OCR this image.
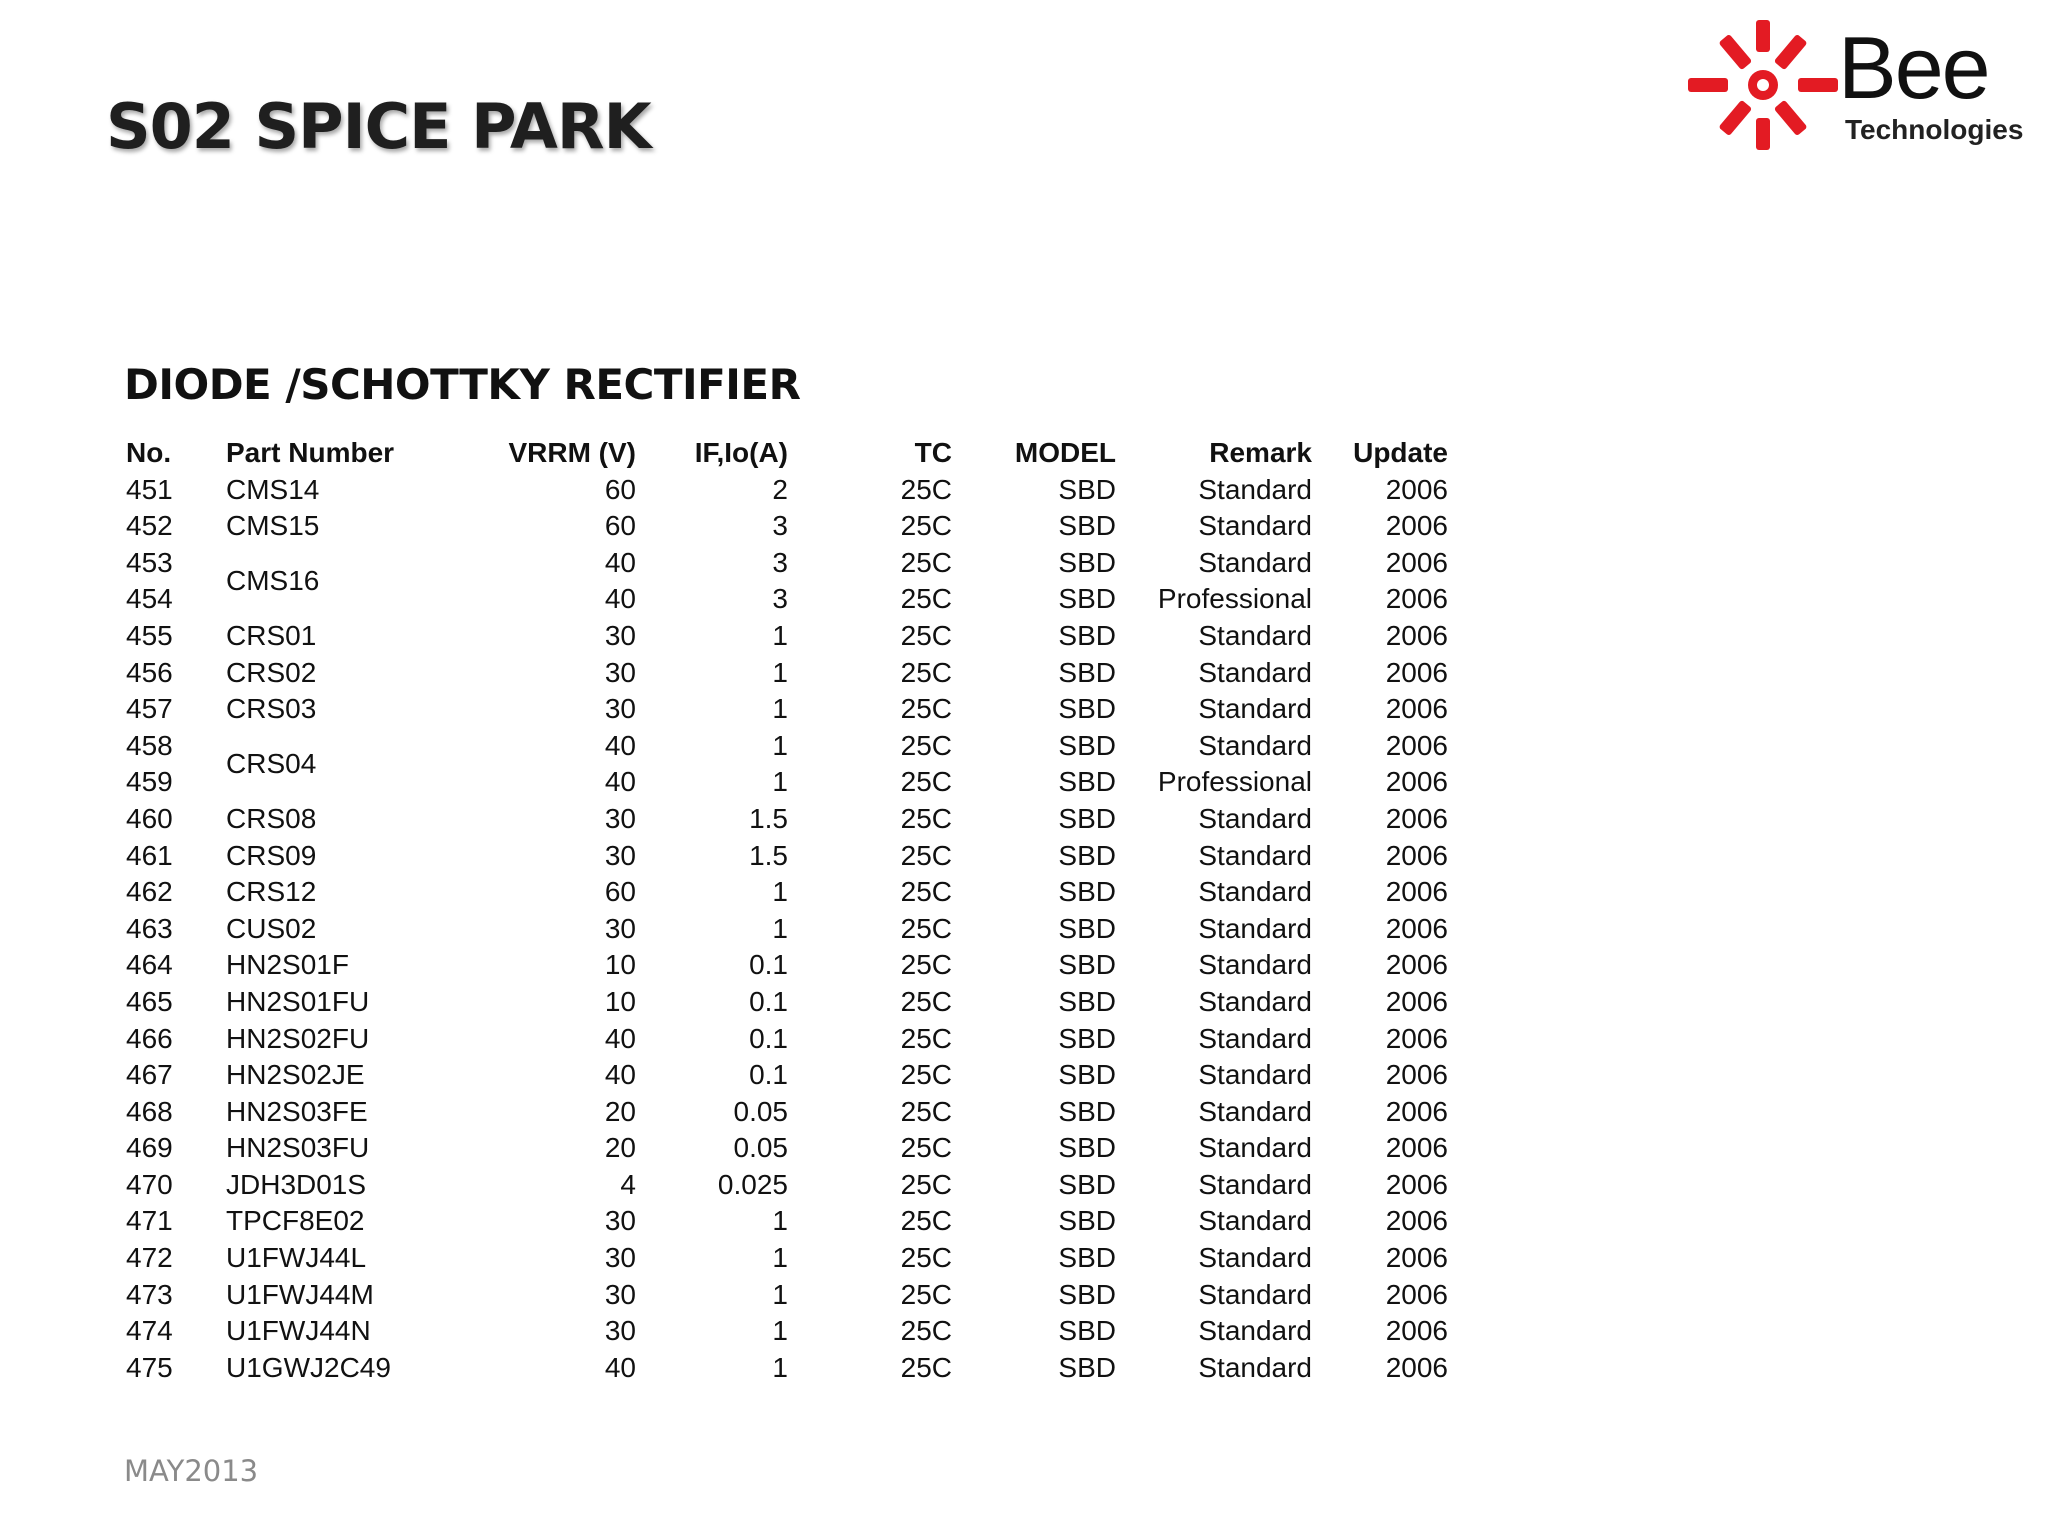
S02 SPICE PARK
Bee
Technologies
DIODE /SCHOTTKY RECTIFIER
No.	Part Number	VRRM (V)	IF,Io(A)	TC	MODEL	Remark	Update
451	CMS14	60	2	25C	SBD	Standard	2006
452	CMS15	60	3	25C	SBD	Standard	2006
453	CMS16	40	3	25C	SBD	Standard	2006
454		40	3	25C	SBD	Professional	2006
455	CRS01	30	1	25C	SBD	Standard	2006
456	CRS02	30	1	25C	SBD	Standard	2006
457	CRS03	30	1	25C	SBD	Standard	2006
458	CRS04	40	1	25C	SBD	Standard	2006
459		40	1	25C	SBD	Professional	2006
460	CRS08	30	1.5	25C	SBD	Standard	2006
461	CRS09	30	1.5	25C	SBD	Standard	2006
462	CRS12	60	1	25C	SBD	Standard	2006
463	CUS02	30	1	25C	SBD	Standard	2006
464	HN2S01F	10	0.1	25C	SBD	Standard	2006
465	HN2S01FU	10	0.1	25C	SBD	Standard	2006
466	HN2S02FU	40	0.1	25C	SBD	Standard	2006
467	HN2S02JE	40	0.1	25C	SBD	Standard	2006
468	HN2S03FE	20	0.05	25C	SBD	Standard	2006
469	HN2S03FU	20	0.05	25C	SBD	Standard	2006
470	JDH3D01S	4	0.025	25C	SBD	Standard	2006
471	TPCF8E02	30	1	25C	SBD	Standard	2006
472	U1FWJ44L	30	1	25C	SBD	Standard	2006
473	U1FWJ44M	30	1	25C	SBD	Standard	2006
474	U1FWJ44N	30	1	25C	SBD	Standard	2006
475	U1GWJ2C49	40	1	25C	SBD	Standard	2006
MAY2013
